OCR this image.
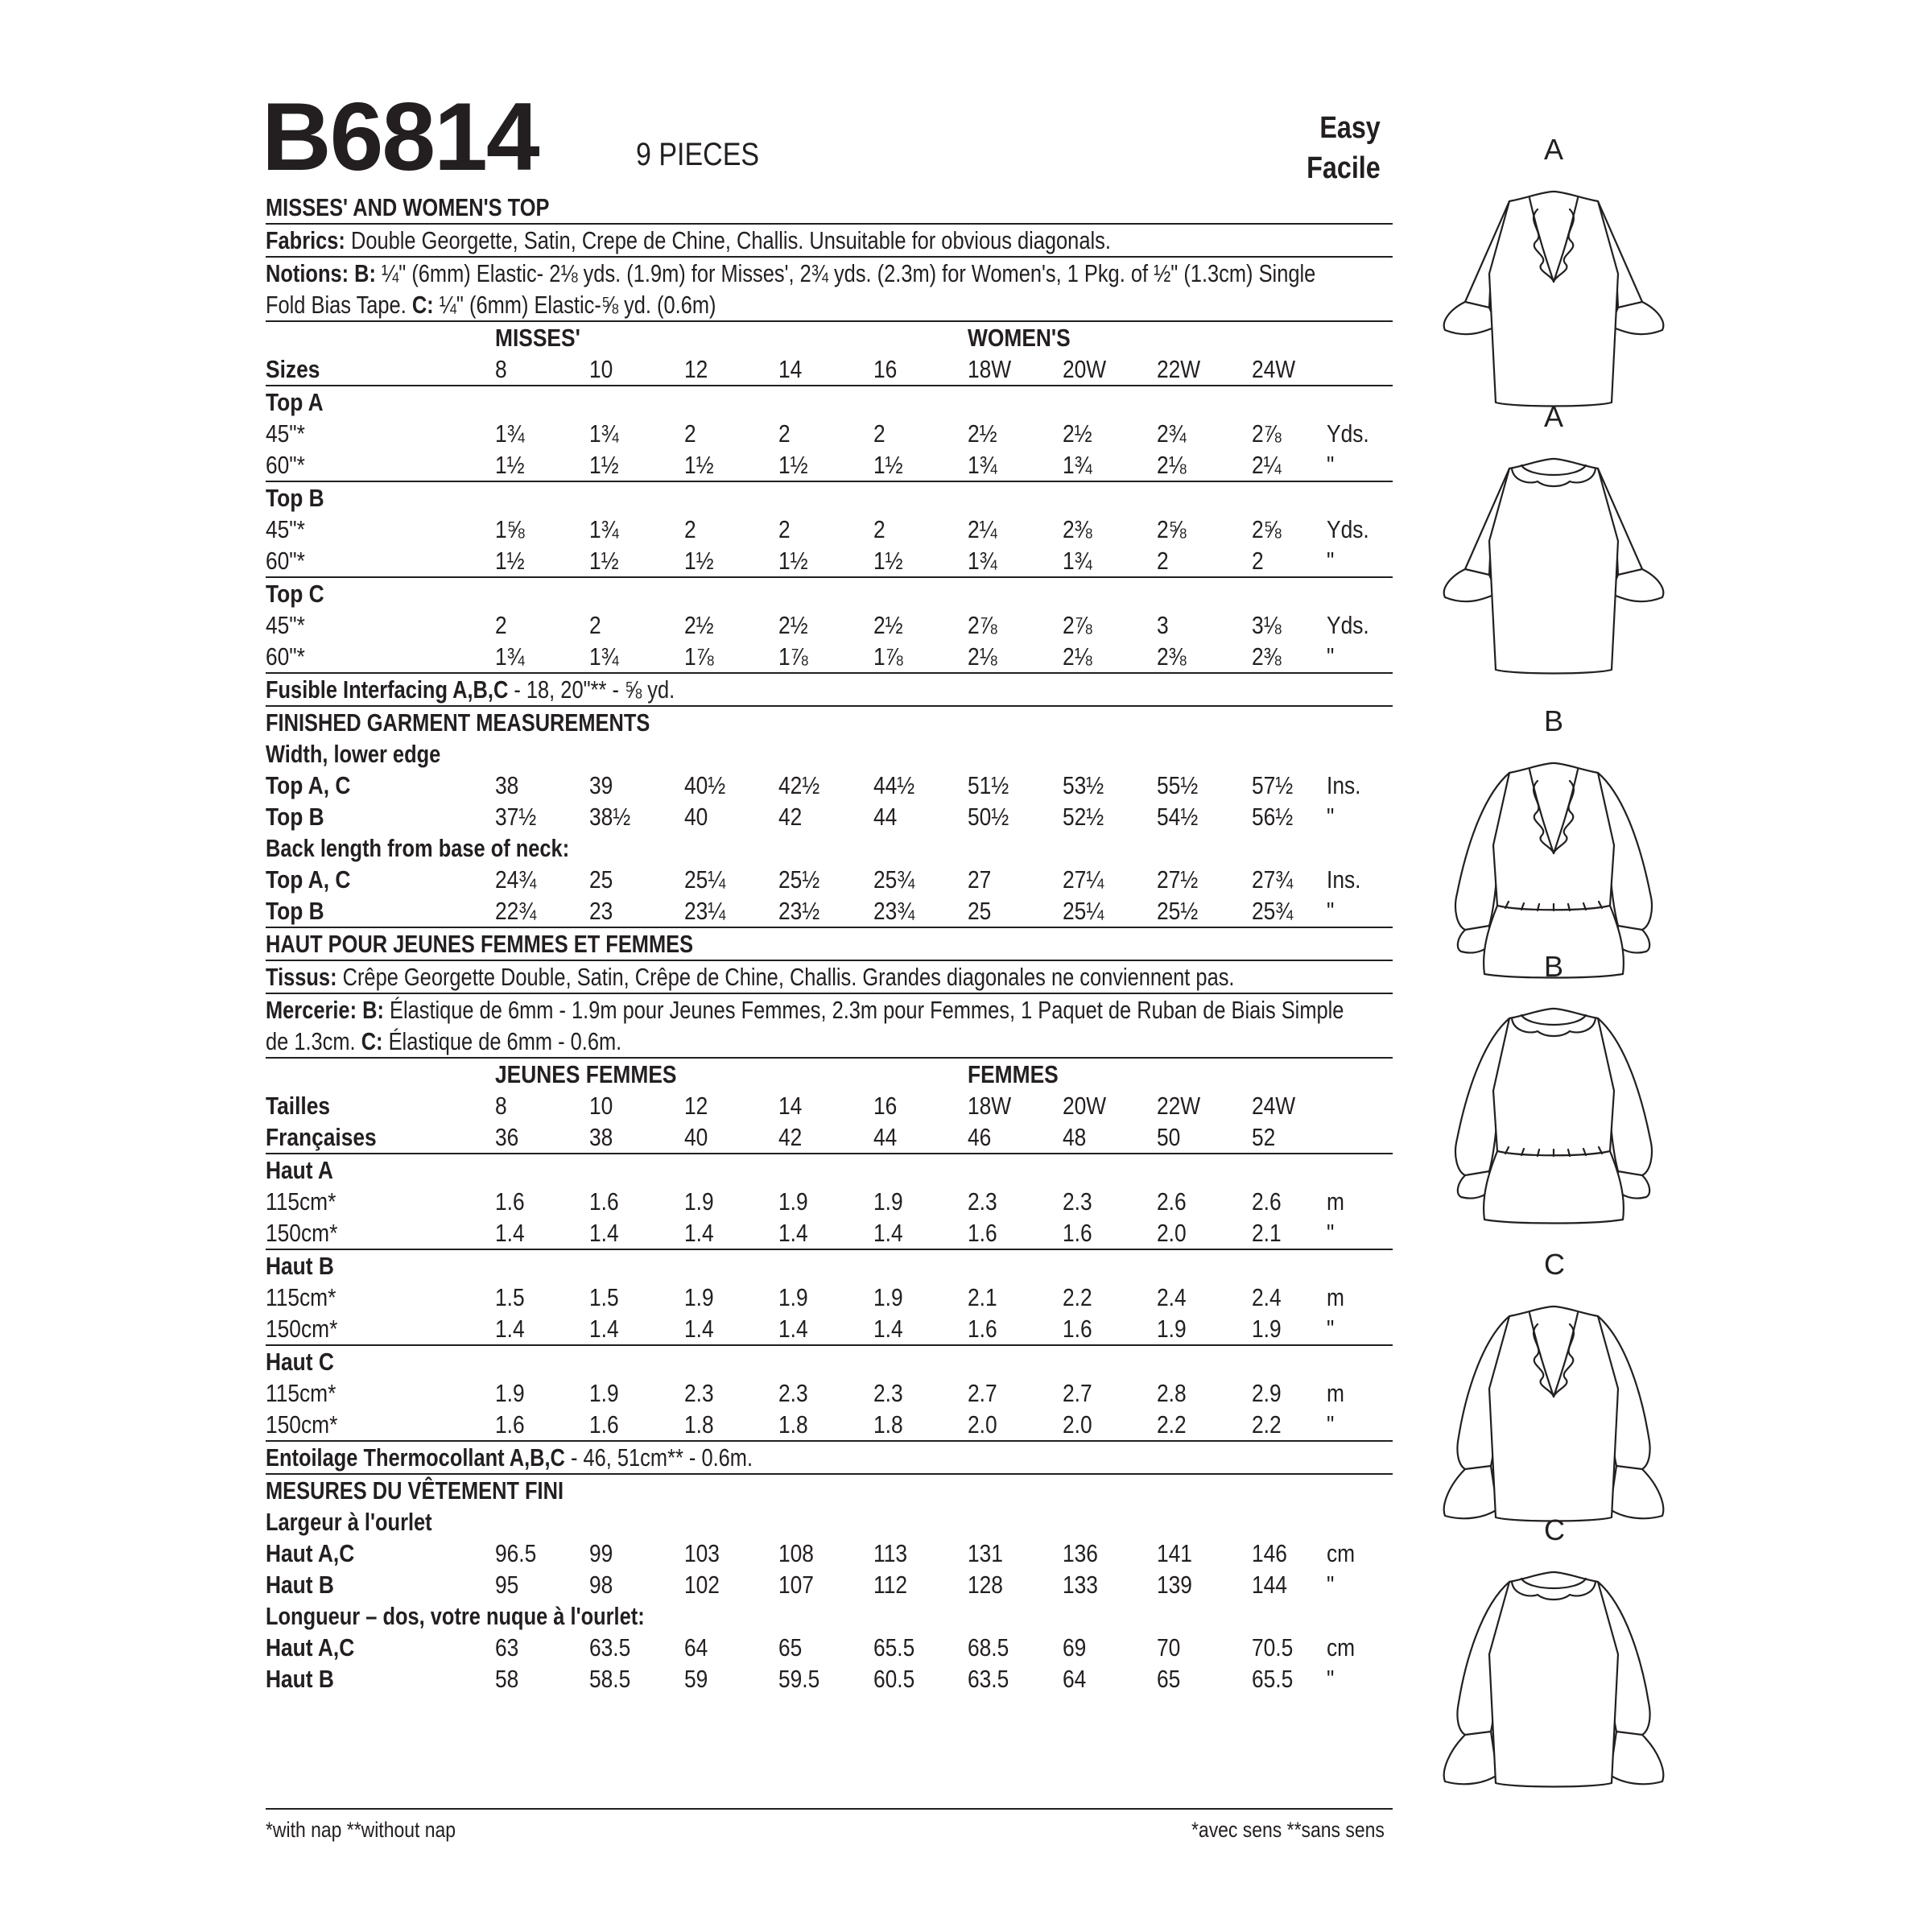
B6814	9 PIECES
Easy
Facile
MISSES' AND WOMEN'S TOP
Fabrics: Double Georgette, Satin, Crepe de Chine, Challis. Unsuitable for obvious diagonals.
Notions: B: ¼" (6mm) Elastic- 2⅛ yds. (1.9m) for Misses', 2¾ yds. (2.3m) for Women's, 1 Pkg. of ½" (1.3cm) Single
Fold Bias Tape. C: ¼" (6mm) Elastic-⅝ yd. (0.6m)
MISSES'	WOMEN'S
Sizes	8	10	12	14	16	18W 20W 22W 24W
Top A
45"*	1¾	1¾	2	2	2	2½	2½	2¾	2⅞ Yds.
60"*	1½	1½	1½	1½	1½	1¾	1¾	2⅛	2¼ "
Top B
45"*	1⅝	1¾	2	2	2	2¼	2⅜	2⅝	2⅝ Yds.
60"*	1½	1½	1½	1½	1½	1¾	1¾	2	2	"
Top C
45"*	2	2	2½	2½	2½	2⅞	2⅞	3	3⅛ Yds.
60"*	1¾	1¾	1⅞	1⅞	1⅞	2⅛	2⅛	2⅜	2⅜ "
Fusible Interfacing A,B,C - 18, 20"** - ⅝ yd.
FINISHED GARMENT MEASUREMENTS
Width, lower edge
Top A, C	38	39	40½ 42½ 44½ 51½ 53½ 55½ 57½ Ins.
Top B	37½ 38½ 40	42	44	50½ 52½ 54½ 56½ "
Back length from base of neck:
Top A, C	24¾ 25	25¼ 25½ 25¾ 27	27¼ 27½ 27¾ Ins.
Top B	22¾ 23	23¼ 23½ 23¾ 25	25¼ 25½ 25¾ "
HAUT POUR JEUNES FEMMES ET FEMMES
Tissus: Crêpe Georgette Double, Satin, Crêpe de Chine, Challis. Grandes diagonales ne conviennent pas.
Mercerie: B: Élastique de 6mm - 1.9m pour Jeunes Femmes, 2.3m pour Femmes, 1 Paquet de Ruban de Biais Simple
de 1.3cm. C: Élastique de 6mm - 0.6m.
JEUNES FEMMES	FEMMES
Tailles	8	10	12	14	16	18W 20W 22W 24W
Françaises	36	38	40	42	44	46	48	50	52
Haut A
115cm*	1.6	1.6	1.9	1.9	1.9	2.3	2.3	2.6	2.6 m
150cm*	1.4	1.4	1.4	1.4	1.4	1.6	1.6	2.0	2.1 "
Haut B
115cm*	1.5	1.5	1.9	1.9	1.9	2.1	2.2	2.4	2.4 m
150cm*	1.4	1.4	1.4	1.4	1.4	1.6	1.6	1.9	1.9 "
Haut C
115cm*	1.9	1.9	2.3	2.3	2.3	2.7	2.7	2.8	2.9 m
150cm*	1.6	1.6	1.8	1.8	1.8	2.0	2.0	2.2	2.2 "
Entoilage Thermocollant A,B,C - 46, 51cm** - 0.6m.
MESURES DU VÊTEMENT FINI
Largeur à l'ourlet
Haut A,C	96.5 99	103 108 113 131 136 141 146 cm
Haut B	95	98	102 107 112 128 133 139 144 "
Longueur – dos, votre nuque à l'ourlet:
Haut A,C	63	63.5 64	65	65.5 68.5 69	70	70.5 cm
Haut B	58	58.5 59	59.5 60.5 63.5 64	65	65.5 "
*with nap **without nap	*avec sens **sans sens
A
A
B
B
C
C
